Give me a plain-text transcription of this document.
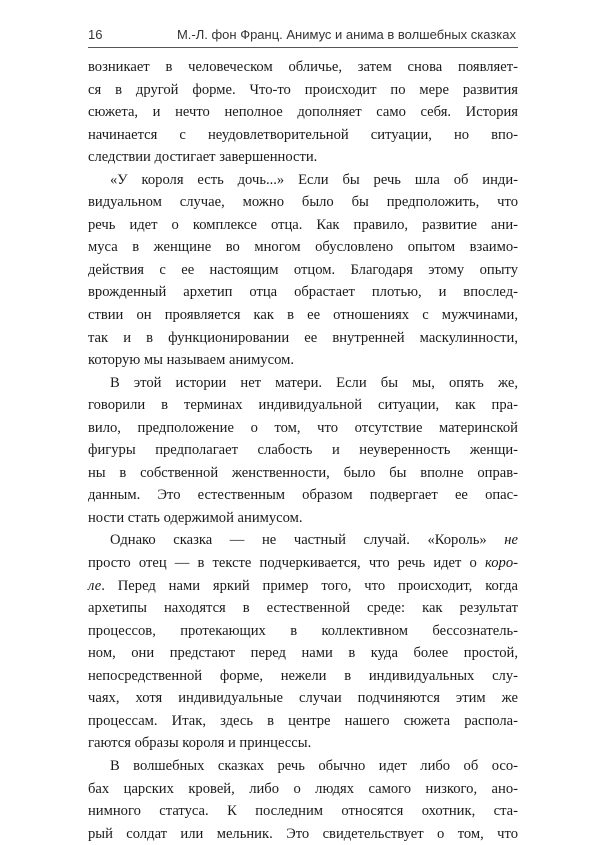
16	М.-Л. фон Франц. Анимус и анима в волшебных сказках
возникает в человеческом обличье, затем снова появляет-
ся в другой форме. Что-то происходит по мере развития
сюжета, и нечто неполное дополняет само себя. История
начинается с неудовлетворительной ситуации, но впо-
следствии достигает завершенности.
«У короля есть дочь...» Если бы речь шла об инди-
видуальном случае, можно было бы предположить, что
речь идет о комплексе отца. Как правило, развитие ани-
муса в женщине во многом обусловлено опытом взаимо-
действия с ее настоящим отцом. Благодаря этому опыту
врожденный архетип отца обрастает плотью, и впослед-
ствии он проявляется как в ее отношениях с мужчинами,
так и в функционировании ее внутренней маскулинности,
которую мы называем анимусом.
В этой истории нет матери. Если бы мы, опять же,
говорили в терминах индивидуальной ситуации, как пра-
вило, предположение о том, что отсутствие материнской
фигуры предполагает слабость и неуверенность женщи-
ны в собственной женственности, было бы вполне оправ-
данным. Это естественным образом подвергает ее опас-
ности стать одержимой анимусом.
Однако сказка — не частный случай. «Король» не
просто отец — в тексте подчеркивается, что речь идет о коро-
ле. Перед нами яркий пример того, что происходит, когда
архетипы находятся в естественной среде: как результат
процессов, протекающих в коллективном бессознатель-
ном, они предстают перед нами в куда более простой,
непосредственной форме, нежели в индивидуальных слу-
чаях, хотя индивидуальные случаи подчиняются этим же
процессам. Итак, здесь в центре нашего сюжета распола-
гаются образы короля и принцессы.
В волшебных сказках речь обычно идет либо об осо-
бах царских кровей, либо о людях самого низкого, ано-
нимного статуса. К последним относятся охотник, ста-
рый солдат или мельник. Это свидетельствует о том, что
